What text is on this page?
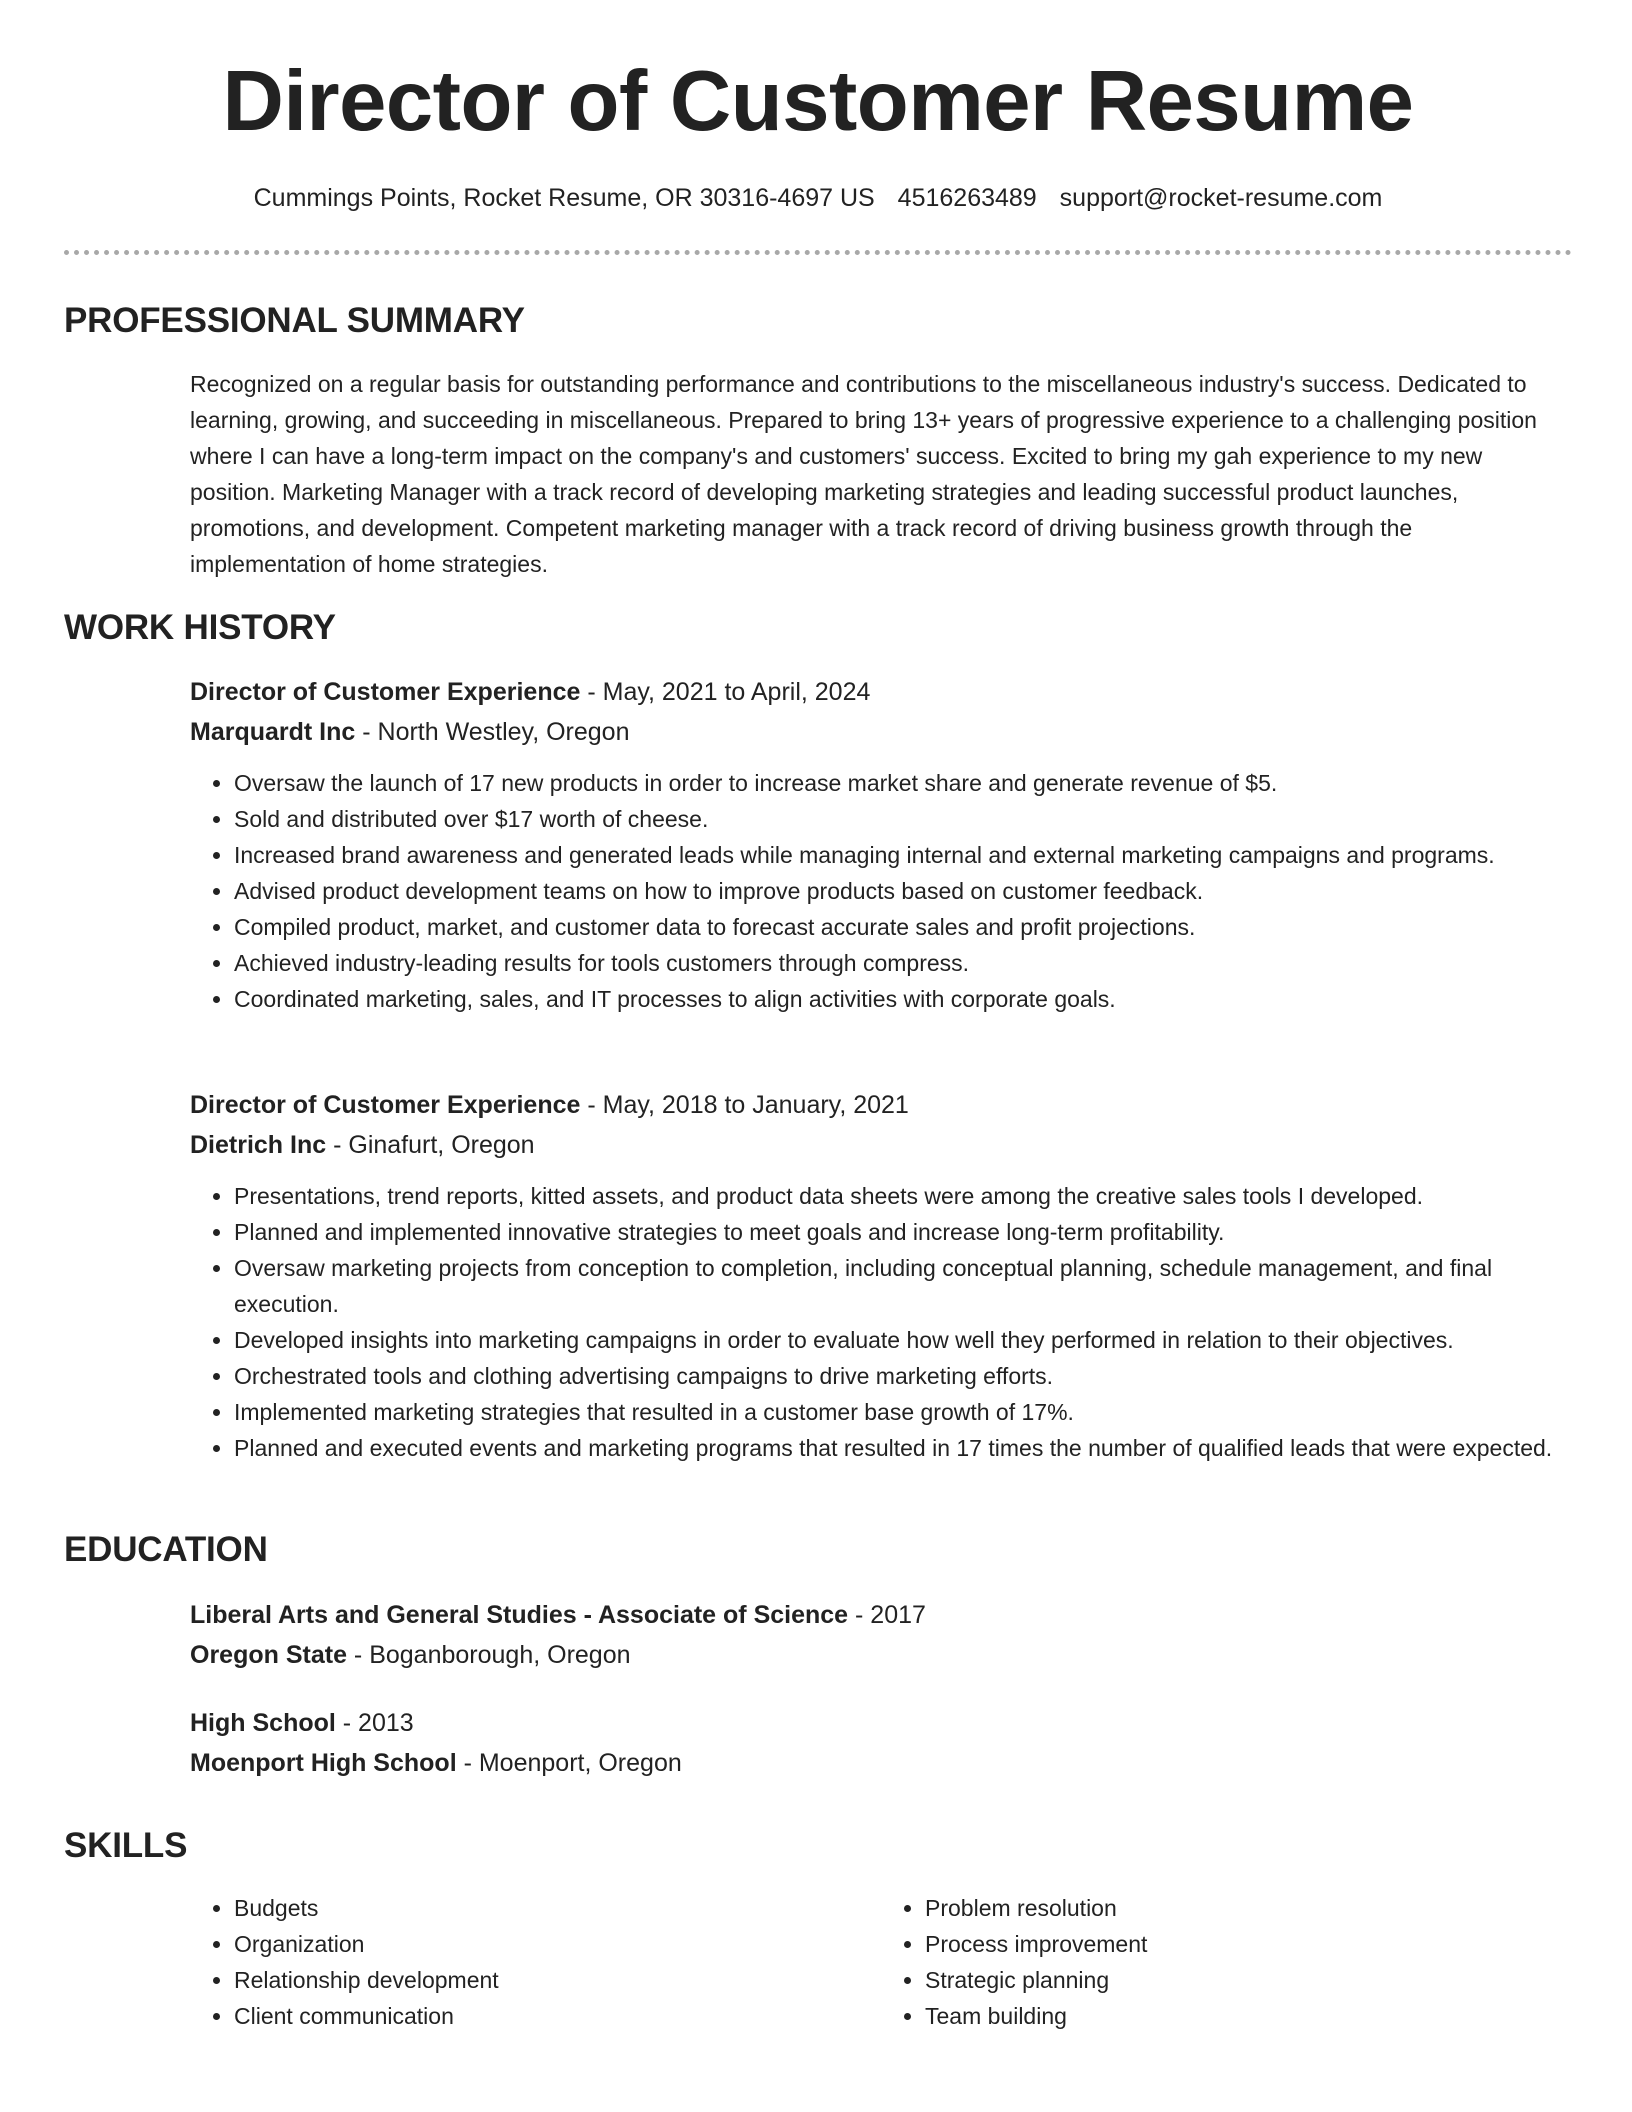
Director of Customer Resume
Cummings Points, Rocket Resume, OR 30316-4697 US 4516263489 support@rocket-resume.com
PROFESSIONAL SUMMARY

Recognized on a regular basis for outstanding performance and contributions to the miscellaneous industry's success. Dedicated to learning, growing, and succeeding in miscellaneous. Prepared to bring 13+ years of progressive experience to a challenging position where I can have a long-term impact on the company's and customers' success. Excited to bring my gah experience to my new position. Marketing Manager with a track record of developing marketing strategies and leading successful product launches, promotions, and development. Competent marketing manager with a track record of driving business growth through the implementation of home strategies.

WORK HISTORY

Director of Customer Experience - May, 2021 to April, 2024

Marquardt Inc - North Westley, Oregon

• Oversaw the launch of 17 new products in order to increase market share and generate revenue of $5.
• Sold and distributed over $17 worth of cheese.
• Increased brand awareness and generated leads while managing internal and external marketing campaigns and programs.
• Advised product development teams on how to improve products based on customer feedback.
• Compiled product, market, and customer data to forecast accurate sales and profit projections.
• Achieved industry-leading results for tools customers through compress.
• Coordinated marketing, sales, and IT processes to align activities with corporate goals.

Director of Customer Experience - May, 2018 to January, 2021

Dietrich Inc - Ginafurt, Oregon

• Presentations, trend reports, kitted assets, and product data sheets were among the creative sales tools I developed.
• Planned and implemented innovative strategies to meet goals and increase long-term profitability.
• Oversaw marketing projects from conception to completion, including conceptual planning, schedule management, and final execution.
• Developed insights into marketing campaigns in order to evaluate how well they performed in relation to their objectives.
• Orchestrated tools and clothing advertising campaigns to drive marketing efforts.
• Implemented marketing strategies that resulted in a customer base growth of 17%.
• Planned and executed events and marketing programs that resulted in 17 times the number of qualified leads that were expected.
EDUCATION

Liberal Arts and General Studies - Associate of Science - 2017

Oregon State - Boganborough, Oregon

High School - 2013

Moenport High School - Moenport, Oregon

SKILLS
• Budgets
• Organization
• Relationship development
• Client communication
• Problem resolution
• Process improvement
• Strategic planning
• Team building
